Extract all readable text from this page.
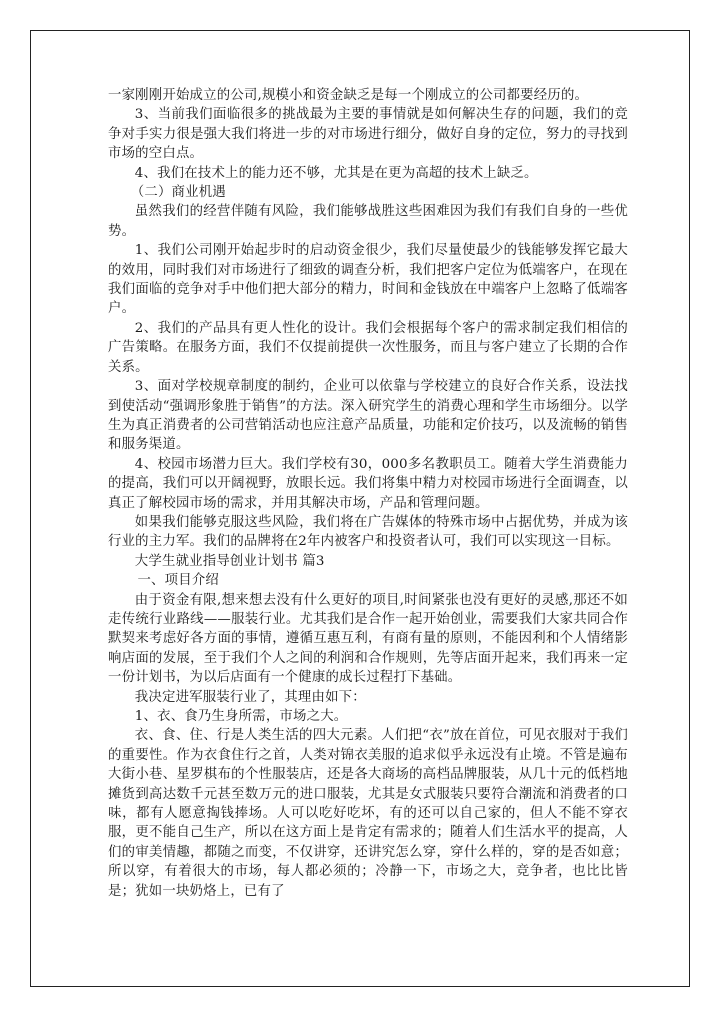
一家刚刚开始成立的公司,规模小和资金缺乏是每一个刚成立的公司都要经历的。

3、当前我们面临很多的挑战最为主要的事情就是如何解决生存的问题，我们的竞争对手实力很是强大我们将进一步的对市场进行细分，做好自身的定位，努力的寻找到市场的空白点。

4、我们在技术上的能力还不够，尤其是在更为高超的技术上缺乏。

（二）商业机遇

虽然我们的经营伴随有风险，我们能够战胜这些困难因为我们有我们自身的一些优势。

1、我们公司刚开始起步时的启动资金很少，我们尽量使最少的钱能够发挥它最大的效用，同时我们对市场进行了细致的调查分析，我们把客户定位为低端客户，在现在我们面临的竞争对手中他们把大部分的精力，时间和金钱放在中端客户上忽略了低端客户。

2、我们的产品具有更人性化的设计。我们会根据每个客户的需求制定我们相信的广告策略。在服务方面，我们不仅提前提供一次性服务，而且与客户建立了长期的合作关系。

3、面对学校规章制度的制约，企业可以依靠与学校建立的良好合作关系，设法找到使活动“强调形象胜于销售”的方法。深入研究学生的消费心理和学生市场细分。以学生为真正消费者的公司营销活动也应注意产品质量，功能和定价技巧，以及流畅的销售和服务渠道。

4、校园市场潜力巨大。我们学校有30，000多名教职员工。随着大学生消费能力的提高，我们可以开阔视野，放眼长远。我们将集中精力对校园市场进行全面调查，以真正了解校园市场的需求，并用其解决市场，产品和管理问题。

如果我们能够克服这些风险，我们将在广告媒体的特殊市场中占据优势，并成为该行业的主力军。我们的品牌将在2年内被客户和投资者认可，我们可以实现这一目标。

大学生就业指导创业计划书 篇3

一、项目介绍

由于资金有限,想来想去没有什么更好的项目,时间紧张也没有更好的灵感,那还不如走传统行业路线——服装行业。尤其我们是合作一起开始创业，需要我们大家共同合作默契来考虑好各方面的事情，遵循互惠互利，有商有量的原则，不能因利和个人情绪影响店面的发展，至于我们个人之间的利润和合作规则，先等店面开起来，我们再来一定一份计划书，为以后店面有一个健康的成长过程打下基础。

我决定进军服装行业了，其理由如下：

1、衣、食乃生身所需，市场之大。

衣、食、住、行是人类生活的四大元素。人们把“衣”放在首位，可见衣服对于我们的重要性。作为衣食住行之首，人类对锦衣美服的追求似乎永远没有止境。不管是遍布大街小巷、星罗棋布的个性服装店，还是各大商场的高档品牌服装，从几十元的低档地摊货到高达数千元甚至数万元的进口服装，尤其是女式服装只要符合潮流和消费者的口味，都有人愿意掏钱捧场。人可以吃好吃坏，有的还可以自己家的，但人不能不穿衣服，更不能自己生产，所以在这方面上是肯定有需求的；随着人们生活水平的提高，人们的审美情趣，都随之而变，不仅讲穿，还讲究怎么穿，穿什么样的，穿的是否如意；所以穿，有着很大的市场，每人都必须的；冷静一下，市场之大，竞争者，也比比皆是；犹如一块奶烙上，已有了
